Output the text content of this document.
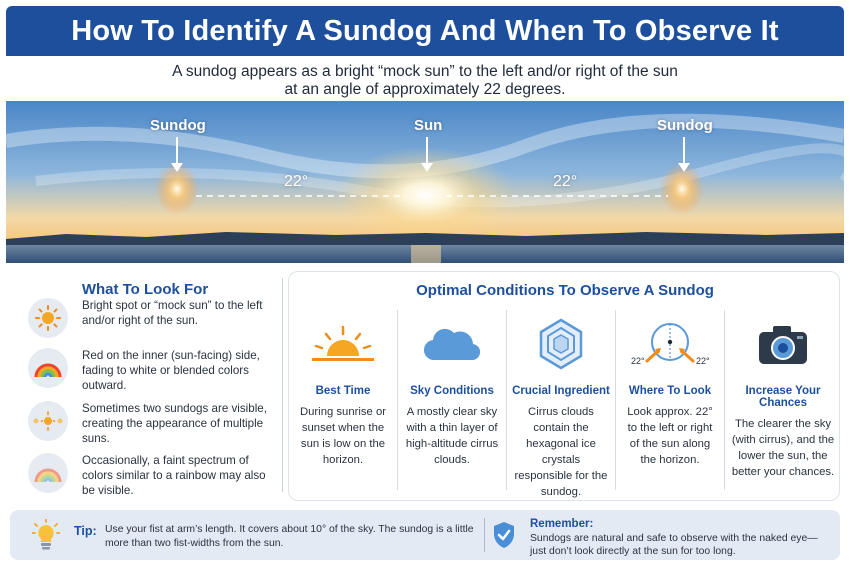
How To Identify A Sundog And When To Observe It
A sundog appears as a bright “mock sun” to the left and/or right of the sun
at an angle of approximately 22 degrees.
Sundog	Sun	Sundog
22°	22°
What To Look For
Bright spot or “mock sun” to the left and/or right of the sun.
Red on the inner (sun-facing) side, fading to white or blended colors outward.
Sometimes two sundogs are visible, creating the appearance of multiple suns.
Occasionally, a faint spectrum of colors similar to a rainbow may also be visible.
Optimal Conditions To Observe A Sundog
Best Time
During sunrise or sunset when the sun is low on the horizon.
Sky Conditions
A mostly clear sky with a thin layer of high-altitude cirrus clouds.
Crucial Ingredient
Cirrus clouds contain the hexagonal ice crystals responsible for the sundog.
22°	22°
Where To Look
Look approx. 22° to the left or right of the sun along the horizon.
Increase Your Chances
The clearer the sky (with cirrus), and the lower the sun, the better your chances.
Tip: Use your fist at arm’s length. It covers about 10° of the sky. The sundog is a little more than two fist-widths from the sun.
Remember:
Sundogs are natural and safe to observe with the naked eye— just don’t look directly at the sun for too long.
